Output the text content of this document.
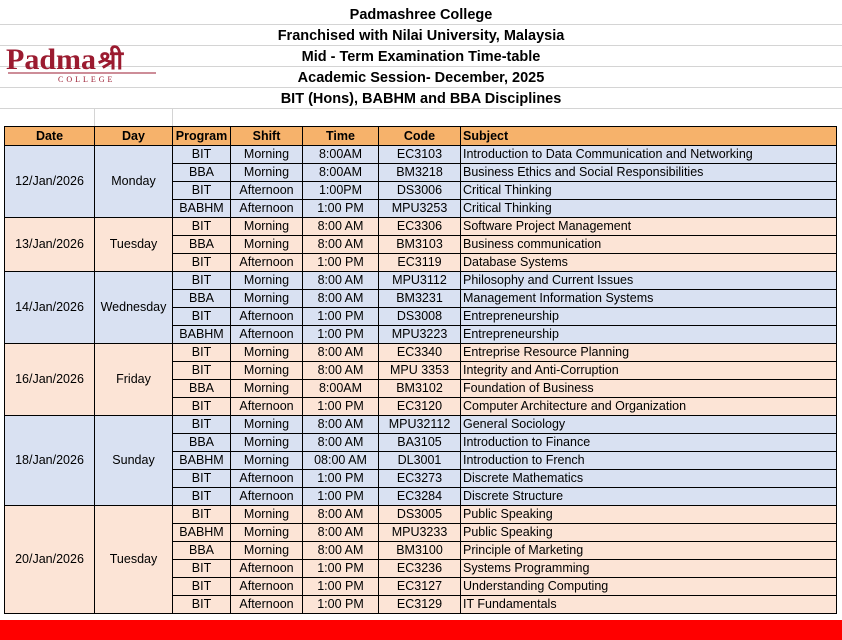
Padmashree College
Franchised with Nilai University, Malaysia
Mid - Term Examination Time-table
Academic Session- December, 2025
BIT (Hons), BABHM and BBA Disciplines
Padma श्री
COLLEGE
Date	Day	Program	Shift	Time	Code	Subject
12/Jan/2026	Monday	BIT	Morning	8:00AM	EC3103	Introduction to Data Communication and Networking
		BBA	Morning	8:00AM	BM3218	Business Ethics and Social Responsibilities
		BIT	Afternoon	1:00PM	DS3006	Critical Thinking
		BABHM	Afternoon	1:00 PM	MPU3253	Critical Thinking
13/Jan/2026	Tuesday	BIT	Morning	8:00 AM	EC3306	Software Project Management
		BBA	Morning	8:00 AM	BM3103	Business communication
		BIT	Afternoon	1:00 PM	EC3119	Database Systems
14/Jan/2026	Wednesday	BIT	Morning	8:00 AM	MPU3112	Philosophy and Current Issues
		BBA	Morning	8:00 AM	BM3231	Management Information Systems
		BIT	Afternoon	1:00 PM	DS3008	Entrepreneurship
		BABHM	Afternoon	1:00 PM	MPU3223	Entrepreneurship
16/Jan/2026	Friday	BIT	Morning	8:00 AM	EC3340	Entreprise Resource Planning
		BIT	Morning	8:00 AM	MPU 3353	Integrity and Anti-Corruption
		BBA	Morning	8:00AM	BM3102	Foundation of Business
		BIT	Afternoon	1:00 PM	EC3120	Computer Architecture and Organization
18/Jan/2026	Sunday	BIT	Morning	8:00 AM	MPU32112	General Sociology
		BBA	Morning	8:00 AM	BA3105	Introduction to Finance
		BABHM	Morning	08:00 AM	DL3001	Introduction to French
		BIT	Afternoon	1:00 PM	EC3273	Discrete Mathematics
		BIT	Afternoon	1:00 PM	EC3284	Discrete Structure
20/Jan/2026	Tuesday	BIT	Morning	8:00 AM	DS3005	Public Speaking
		BABHM	Morning	8:00 AM	MPU3233	Public Speaking
		BBA	Morning	8:00 AM	BM3100	Principle of Marketing
		BIT	Afternoon	1:00 PM	EC3236	Systems Programming
		BIT	Afternoon	1:00 PM	EC3127	Understanding Computing
		BIT	Afternoon	1:00 PM	EC3129	IT Fundamentals
